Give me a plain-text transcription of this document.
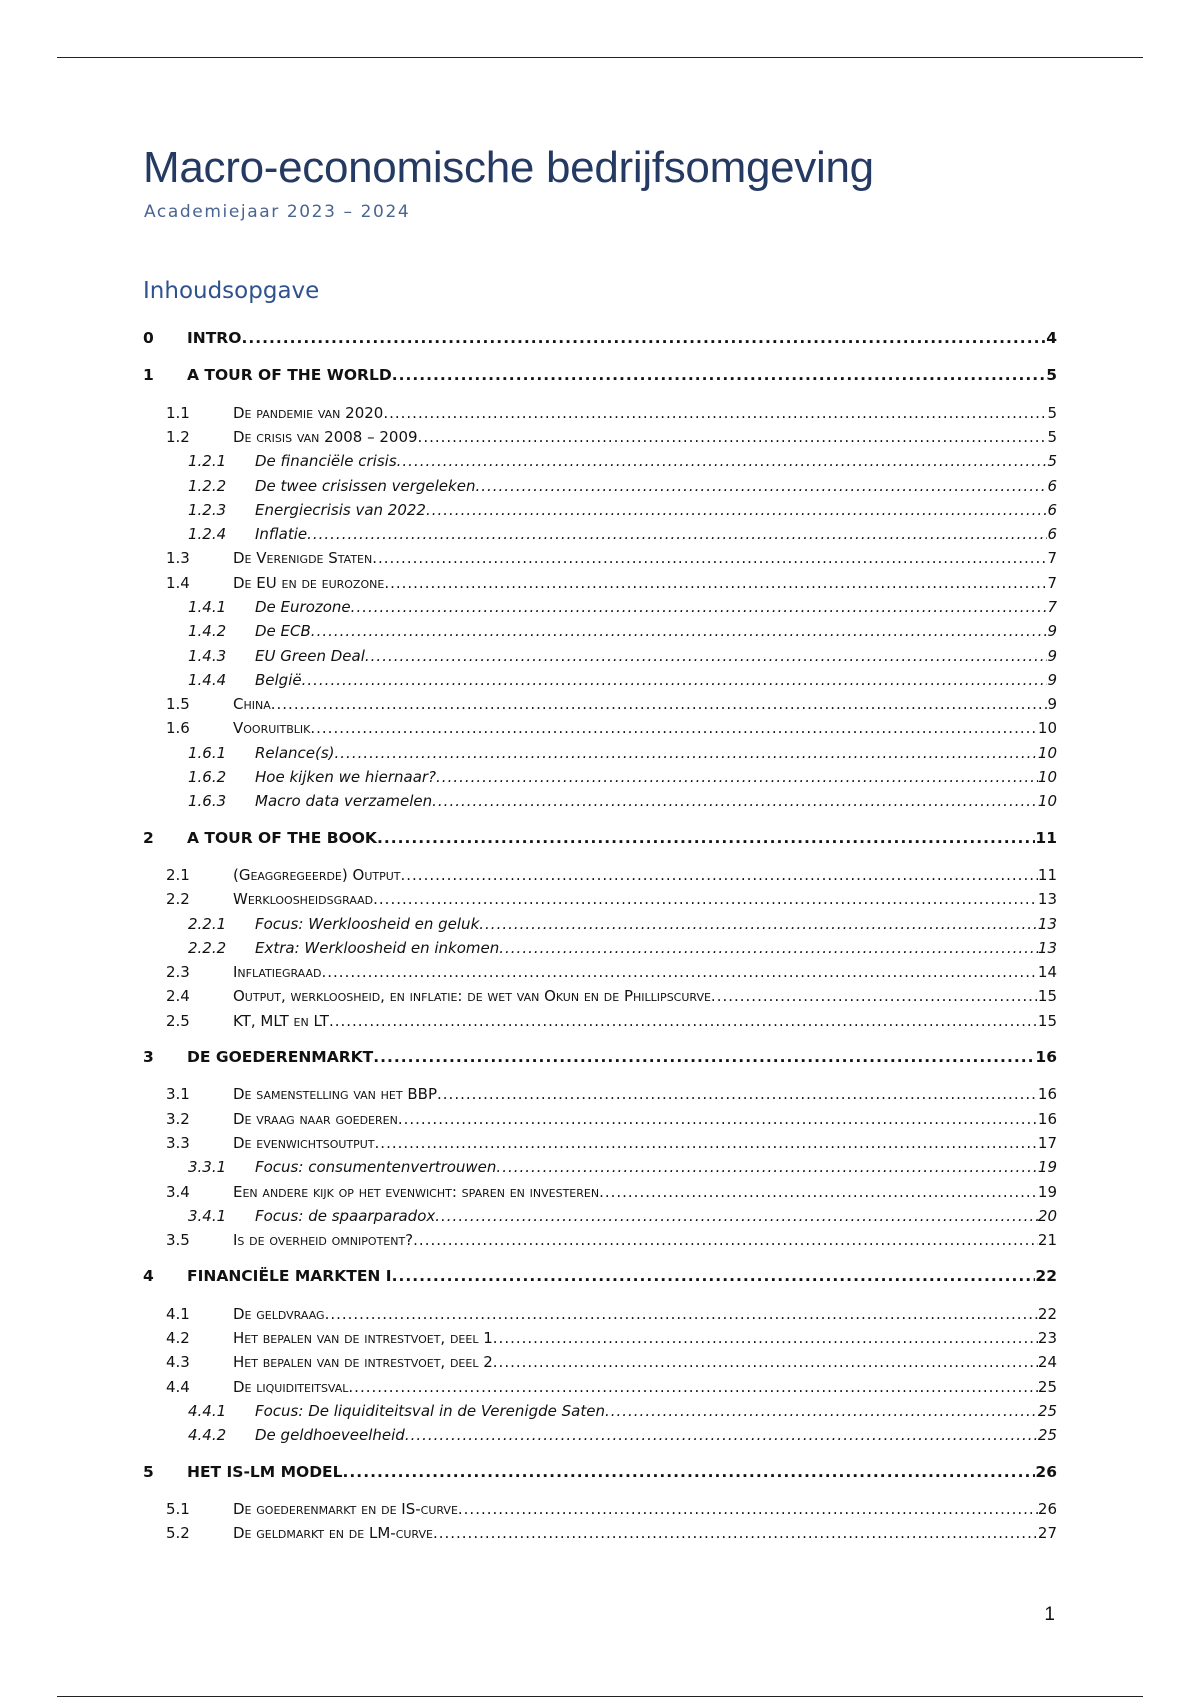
Macro-economische bedrijfsomgeving
Academiejaar 2023 – 2024
Inhoudsopgave
0	INTRO .....	4
1	A TOUR OF THE WORLD .....	5
1.1	De pandemie van 2020 .....	5
1.2	De crisis van 2008 – 2009 .....	5
1.2.1	De financiële crisis .....	5
1.2.2	De twee crisissen vergeleken .....	6
1.2.3	Energiecrisis van 2022 .....	6
1.2.4	Inflatie .....	6
1.3	De Verenigde Staten .....	7
1.4	De EU en de eurozone .....	7
1.4.1	De Eurozone .....	7
1.4.2	De ECB .....	9
1.4.3	EU Green Deal .....	9
1.4.4	België .....	9
1.5	China .....	9
1.6	Vooruitblik .....	10
1.6.1	Relance(s) .....	10
1.6.2	Hoe kijken we hiernaar? .....	10
1.6.3	Macro data verzamelen .....	10
2	A TOUR OF THE BOOK .....	11
2.1	(Geaggregeerde) Output .....	11
2.2	Werkloosheidsgraad .....	13
2.2.1	Focus: Werkloosheid en geluk .....	13
2.2.2	Extra: Werkloosheid en inkomen .....	13
2.3	Inflatiegraad .....	14
2.4	Output, werkloosheid, en inflatie: de wet van Okun en de Phillipscurve .....	15
2.5	KT, MLT en LT .....	15
3	DE GOEDERENMARKT .....	16
3.1	De samenstelling van het BBP .....	16
3.2	De vraag naar goederen .....	16
3.3	De evenwichtsoutput .....	17
3.3.1	Focus: consumentenvertrouwen .....	19
3.4	Een andere kijk op het evenwicht: sparen en investeren .....	19
3.4.1	Focus: de spaarparadox .....	20
3.5	Is de overheid omnipotent? .....	21
4	FINANCIËLE MARKTEN I .....	22
4.1	De geldvraag .....	22
4.2	Het bepalen van de intrestvoet, deel 1 .....	23
4.3	Het bepalen van de intrestvoet, deel 2 .....	24
4.4	De liquiditeitsval .....	25
4.4.1	Focus: De liquiditeitsval in de Verenigde Saten .....	25
4.4.2	De geldhoeveelheid .....	25
5	HET IS-LM MODEL .....	26
5.1	De goederenmarkt en de IS-curve .....	26
5.2	De geldmarkt en de LM-curve .....	27
1
